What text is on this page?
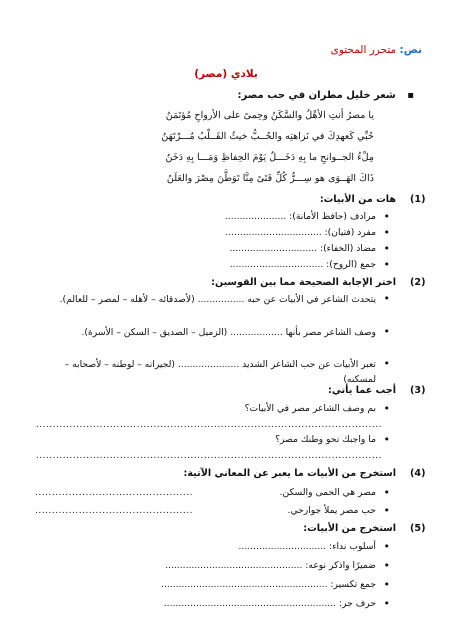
نص: متحرر المحتوى
بلادي (مصر)
▪ شعر خليل مطران في حب مصر:
يا مصرُ أنتِ الأهْلُ والسَّكَنُ وحِمىً على الأرواحِ مُؤتَمَنُ
حُبِّي كَعهدِكَ في نَزاهتِه والحُــبُّ خيثُ القَــلْبُ مُـــرْتَهَنُ
مِلْءُ الجــوانحِ ما بِهِ دَخَـــلٌ يَوْمَ الحِفاظِ وَمَـــا بِهِ دَخَنُ
ذَاكَ الهَــوَى هو سِـــرُّ كُلِّ فَتَىً مِنَّا تَوَطَّنَ مِصْرَ والعَلَنُ
(1)
هات من الأبيات:
• مرادف (حافظ الأمانة): .....................
• مفرد (فتيان): .................................
• مضاد (الخفاء): ..............................
• جمع (الروح): ................................
(2)
اختر الإجابة الصحيحة مما بين القوسين:
• يتحدث الشاعر في الأبيات عن حبه ................ (لأصدقائه – لأهله – لمصر – للعالم).
• وصف الشاعر مصر بأنها .................. (الزميل – الصديق – السكن – الأسرة).
• تعبر الأبيات عن حب الشاعر الشديد ..................... (لجيرانه – لوطنه – لأصحابه – لمسكنه)
(3)
أجب عما يأتي:
• بم وصف الشاعر مصر في الأبيات؟
.......................................................................................................
• ما واجبك نحو وطنك مصر؟
.......................................................................................................
(4)
استخرج من الأبيات ما يعبر عن المعاني الآتية:
• مصر هي الحمى والسكن.
...............................................
• حب مصر يملأ جوارحي.
...............................................
(5)
استخرج من الأبيات:
• أسلوب نداء: ..............................
• ضميرًا واذكر نوعه: ...............................................
• جمع تكسير: .........................................................
• حرف جر: ...........................................................
